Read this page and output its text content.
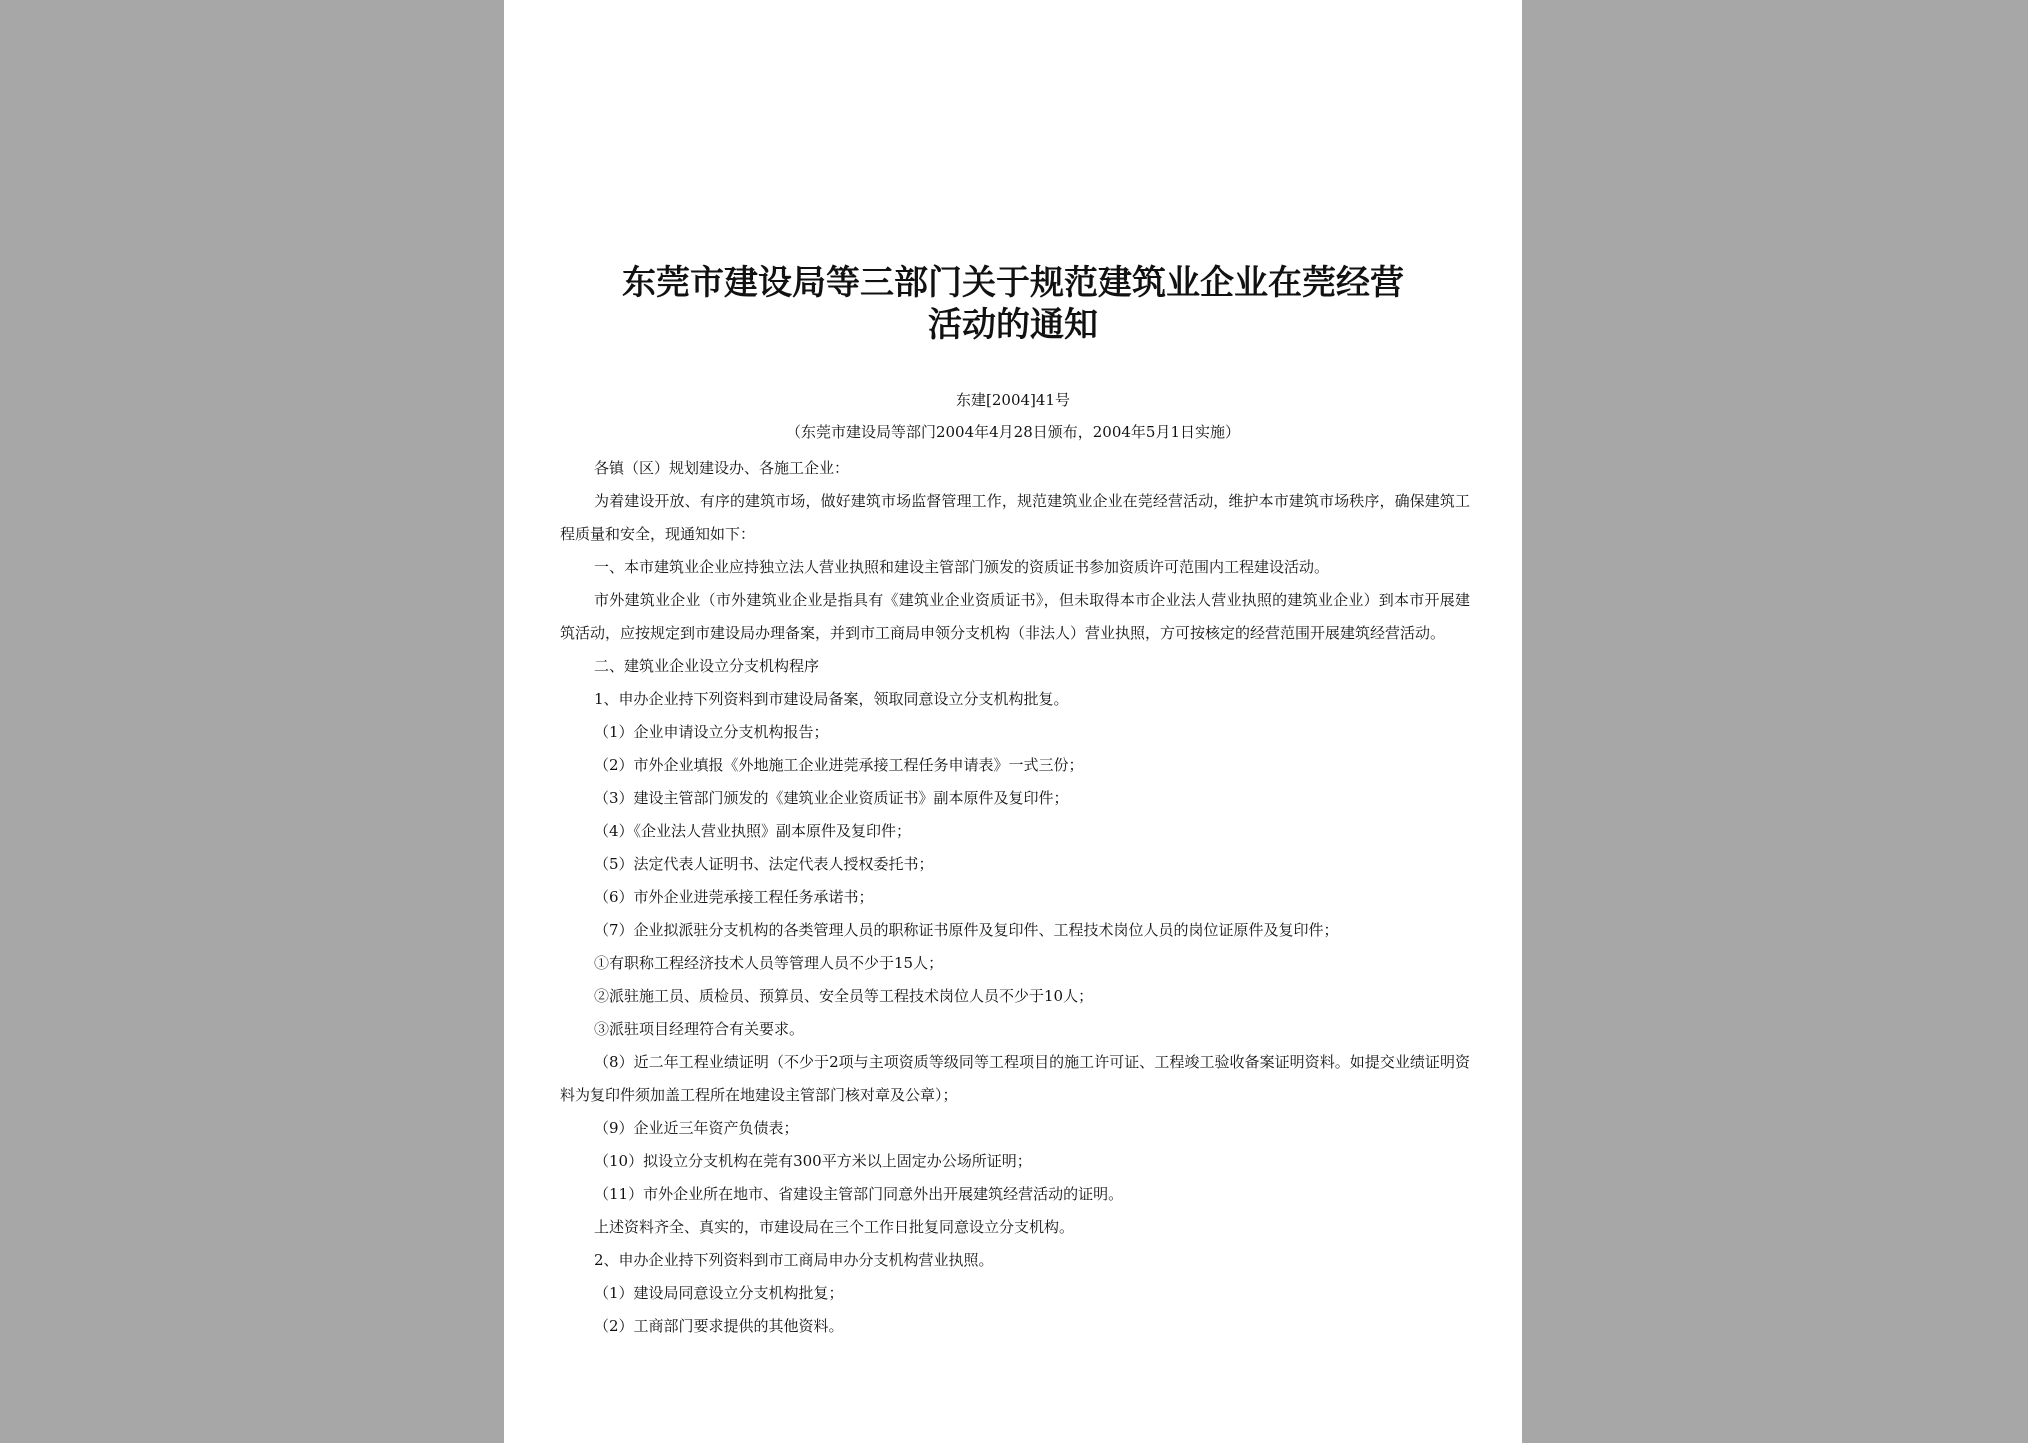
东莞市建设局等三部门关于规范建筑业企业在莞经营
活动的通知

东建[2004]41号

（东莞市建设局等部门2004年4月28日颁布，2004年5月1日实施）

各镇（区）规划建设办、各施工企业：

为着建设开放、有序的建筑市场，做好建筑市场监督管理工作，规范建筑业企业在莞经营活动，维护本市建筑市场秩序，确保建筑工程质量和安全，现通知如下：

一、本市建筑业企业应持独立法人营业执照和建设主管部门颁发的资质证书参加资质许可范围内工程建设活动。

市外建筑业企业（市外建筑业企业是指具有《建筑业企业资质证书》，但未取得本市企业法人营业执照的建筑业企业）到本市开展建筑活动，应按规定到市建设局办理备案，并到市工商局申领分支机构（非法人）营业执照，方可按核定的经营范围开展建筑经营活动。

二、建筑业企业设立分支机构程序

1、申办企业持下列资料到市建设局备案，领取同意设立分支机构批复。

（1）企业申请设立分支机构报告；

（2）市外企业填报《外地施工企业进莞承接工程任务申请表》一式三份；

（3）建设主管部门颁发的《建筑业企业资质证书》副本原件及复印件；

（4）《企业法人营业执照》副本原件及复印件；

（5）法定代表人证明书、法定代表人授权委托书；

（6）市外企业进莞承接工程任务承诺书；

（7）企业拟派驻分支机构的各类管理人员的职称证书原件及复印件、工程技术岗位人员的岗位证原件及复印件；

①有职称工程经济技术人员等管理人员不少于15人；

②派驻施工员、质检员、预算员、安全员等工程技术岗位人员不少于10人；

③派驻项目经理符合有关要求。

（8）近二年工程业绩证明（不少于2项与主项资质等级同等工程项目的施工许可证、工程竣工验收备案证明资料。如提交业绩证明资料为复印件须加盖工程所在地建设主管部门核对章及公章）；

（9）企业近三年资产负债表；

（10）拟设立分支机构在莞有300平方米以上固定办公场所证明；

（11）市外企业所在地市、省建设主管部门同意外出开展建筑经营活动的证明。

上述资料齐全、真实的，市建设局在三个工作日批复同意设立分支机构。

2、申办企业持下列资料到市工商局申办分支机构营业执照。

（1）建设局同意设立分支机构批复；

（2）工商部门要求提供的其他资料。
